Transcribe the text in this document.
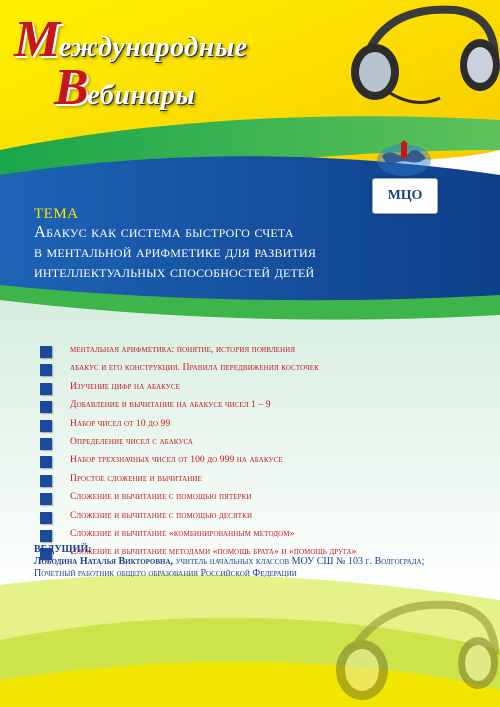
Международные
Вебинары
МЦО
ТЕМА
Абакус как система быстрого счета
в ментальной арифметике для развития
интеллектуальных способностей детей
ментальная арифметика: понятие, история появления
абакус и его конструкция. Правила передвижения косточек
Изучение цифр на абакусе
Добавление и вычитание на абакусе чисел 1 – 9
Набор чисел от 10 до 99
Определение чисел с абакуса
Набор трехзначных чисел от 100 до 999 на абакусе
Простое сложение и вычитание
Сложение и вычитание с помощью пятерки
Сложение и вычитание с помощью десятки
Сложение и вычитание «комбинированным методом»
Сложение и вычитание методами «помощь брата» и «помощь друга»
ВЕДУЩИЙ:
Лободина Наталья Викторовна, учитель начальных классов МОУ СШ № 103 г. Волгограда; Почетный работник общего образования Российской Федерации
